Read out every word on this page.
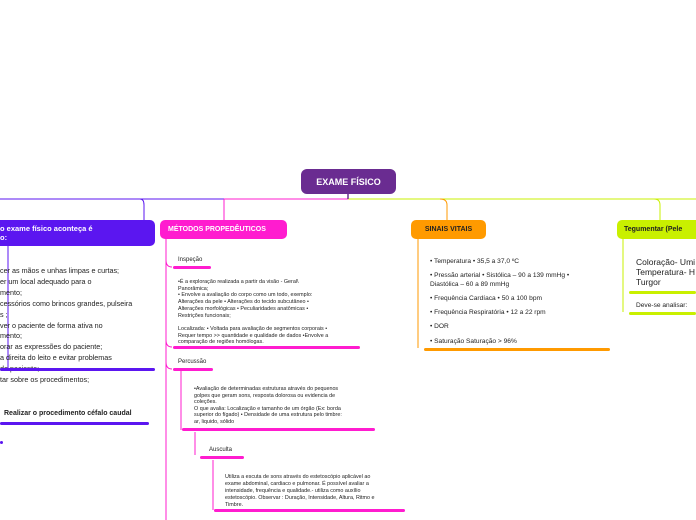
EXAME FÍSICO
o exame físico aconteça é
o:
cer as mãos e unhas limpas e curtas;
er um local adequado para o
mento;
cessórios como brincos grandes, pulseira
s ;
ver o paciente de forma ativa no
mento;
orar as expressões do paciente;
a direita do leito e evitar problemas
tar sobre os procedimentos;
Realizar o procedimento céfalo caudal
MÉTODOS PROPEDÊUTICOS
Inspeção
•É a exploração realizada a partir da visão - Geral\
Panorâmica;
• Envolve a avaliação do corpo como um todo, exemplo:
Alterações da pele • Alterações do tecido subcutâneo •
Alterações morfológicas • Peculiaridades anatômicas •
Restrições funcionais;

Localizada: • Voltada para avaliação de segmentos corporais •
Requer tempo >> quantidade e qualidade de dados •Envolve a
comparação de regiões homólogas.
Percussão
•Avaliação de determinadas estruturas através do pequenos
golpes que geram sons, resposta dolorosa ou evidencia de
coleções.
O que avalia: Localização e tamanho de um órgão (Ex: borda
superior do fígado) • Densidade de uma estrutura pelo timbre:
ar, liquido, sólido
Ausculta
Utiliza a escuta de sons através do estetoscópio aplicável ao
exame abdominal, cardiaco e pulmonar. É possível avaliar a
intensidade, frequência e qualidade.- utiliza como auxílio
estetoscópio. Observar : Duração, Intensidade, Altura, Ritmo e
Timbre.
SINAIS VITAIS
• Temperatura • 35,5 a 37,0 ºC
• Pressão arterial • Sistólica – 90 a 139 mmHg •
Diastólica – 60 a 89 mmHg
• Frequência Cardíaca • 50 a 100 bpm
• Frequência Respiratória • 12 a 22 rpm
• DOR
• Saturação Saturação > 96%
Tegumentar (Pele
Coloração- Umi
Temperatura- H
Turgor
Deve-se analisar:
